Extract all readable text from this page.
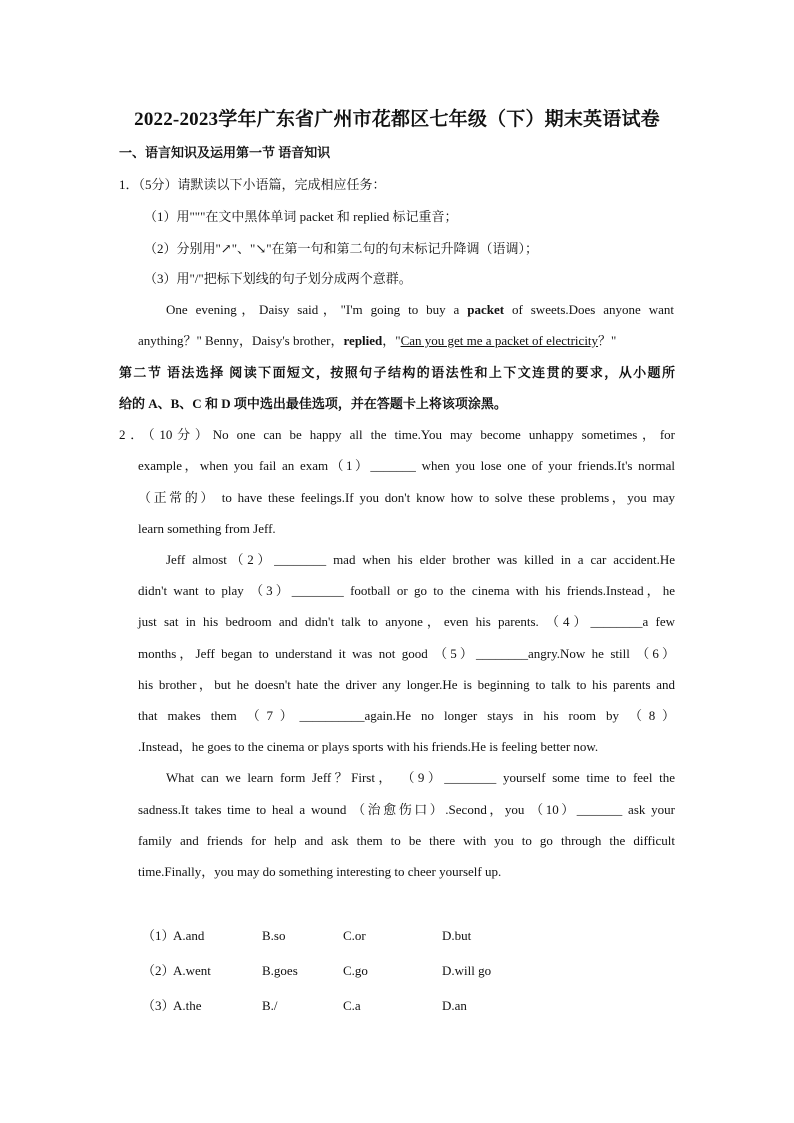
2022-2023学年广东省广州市花都区七年级（下）期末英语试卷
一、语言知识及运用第一节 语音知识
1．（5分）请默读以下小语篇，完成相应任务：
（1）用"""在文中黑体单词 packet 和 replied 标记重音；
（2）分别用"↗"、"↘"在第一句和第二句的句末标记升降调（语调）；
（3）用"/"把标下划线的句子划分成两个意群。
One evening，Daisy said，"I'm going to buy a packet of sweets.Does anyone want
anything？" Benny，Daisy's brother，replied，"Can you get me a packet of electricity？"
第二节 语法选择 阅读下面短文，按照句子结构的语法性和上下文连贯的要求，从小题所
给的 A、B、C 和 D 项中选出最佳选项，并在答题卡上将该项涂黑。
2．（10分）No one can be happy all the time.You may become unhappy sometimes，for
example，when you fail an exam（1）_______ when you lose one of your friends.It's normal
（正常的） to have these feelings.If you don't know how to solve these problems，you may
learn something from Jeff.
Jeff almost（2）________ mad when his elder brother was killed in a car accident.He
didn't want to play （3）________ football or go to the cinema with his friends.Instead，he
just sat in his bedroom and didn't talk to anyone，even his parents. （4）________a few
months，Jeff began to understand it was not good （5）________angry.Now he still （6）
his brother，but he doesn't hate the driver any longer.He is beginning to talk to his parents and
that makes them （7）__________again.He no longer stays in his room by （8）
.Instead，he goes to the cinema or plays sports with his friends.He is feeling better now.
What can we learn form Jeff？First， （9）________ yourself some time to feel the
sadness.It takes time to heal a wound （治愈伤口）.Second，you （10）_______ ask your
family and friends for help and ask them to be there with you to go through the difficult
time.Finally，you may do something interesting to cheer yourself up.
（1）
A.and	B.so	C.or	D.but
（2）
A.went	B.goes	C.go	D.will go
（3）
A.the	B./	C.a	D.an
